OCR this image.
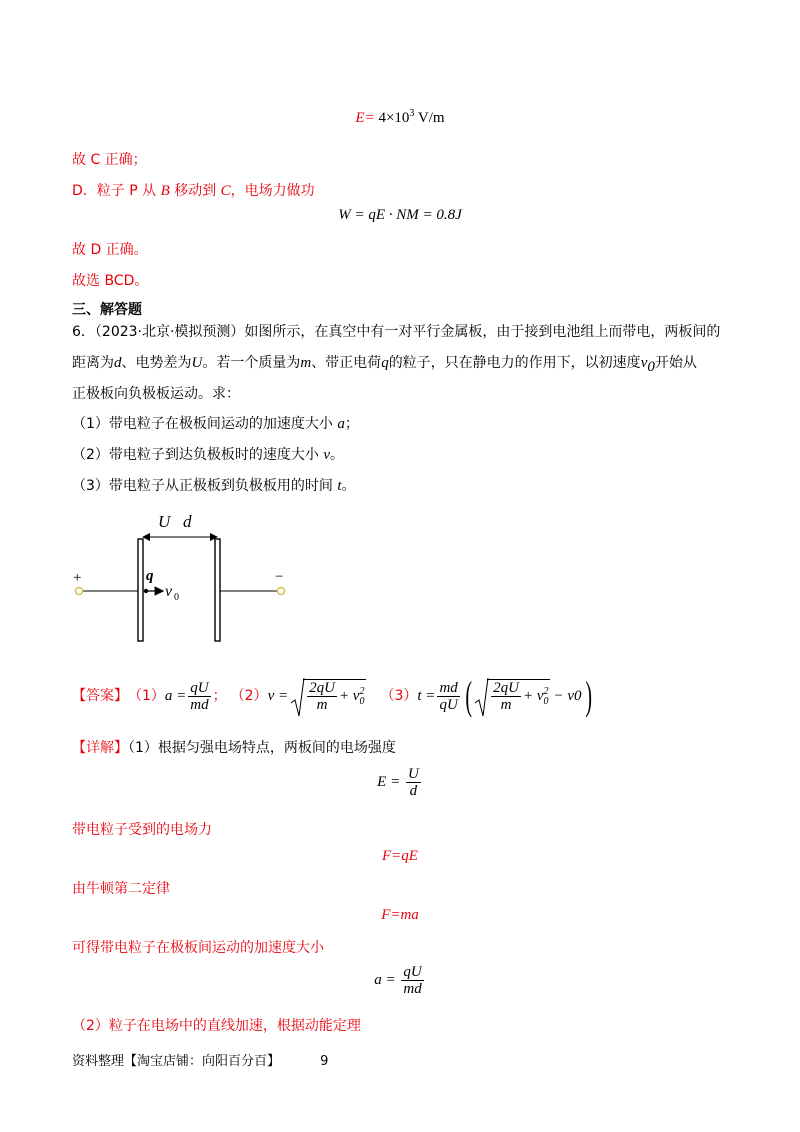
$E= 4\times 10^3$ V/m
故 C 正确；
D．粒子 P 从 B 移动到 C，电场力做功
W = qE · NM = 0.8J
故 D 正确。
故选 BCD。
三、解答题
6．（2023·北京·模拟预测）如图所示，在真空中有一对平行金属板，由于接到电池组上而带电，两板间的
距离为d、电势差为U。若一个质量为m、带正电荷q的粒子，只在静电力的作用下，以初速度$v_0$开始从
正极板向负极板运动。求：
（1）带电粒子在极板间运动的加速度大小 a；
（2）带电粒子到达负极板时的速度大小 v。
（3）带电粒子从正极板到负极板用的时间 t。
U d
+	−
q
v 0
【答案】 （1） $a = \frac{qU}{md}$ ； （2） $v = \frac{2qU}{m} + v$ 2
0 （3） $t = \frac{md}{qU}$ ( $\frac{2qU}{m} + v$ 2
0 − v 0 )
【详解】（1）根据匀强电场特点，两板间的电场强度
$E = \frac{U}{d}$
带电粒子受到的电场力
F=qE
由牛顿第二定律
F=ma
可得带电粒子在极板间运动的加速度大小
$a = \frac{qU}{md}$
（2）粒子在电场中的直线加速，根据动能定理
资料整理【淘宝店铺：向阳百分百】	9
